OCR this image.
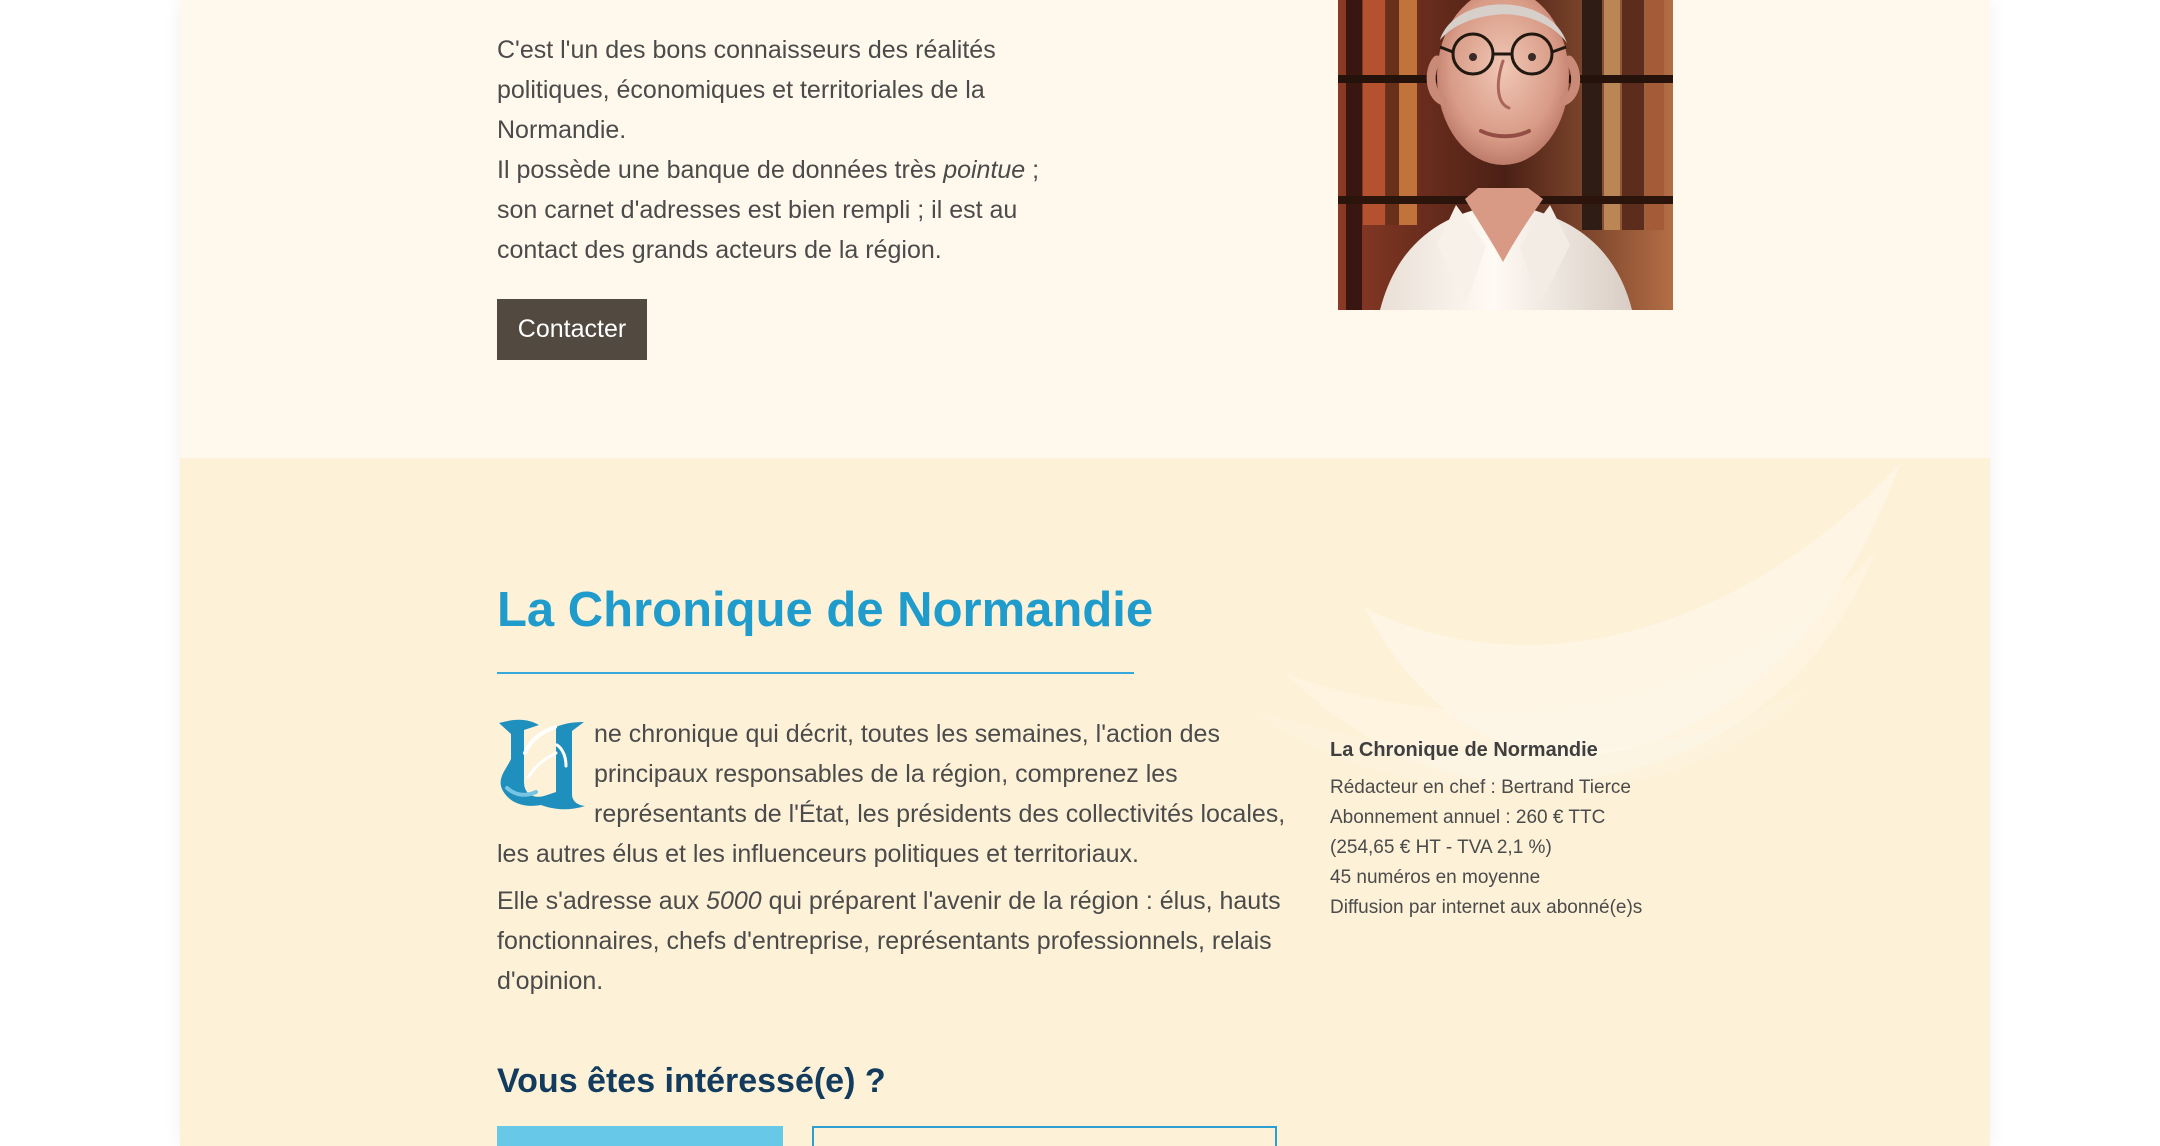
C'est l'un des bons connaisseurs des réalités politiques, économiques et territoriales de la Normandie.
Il possède une banque de données très pointue ; son carnet d'adresses est bien rempli ; il est au contact des grands acteurs de la région.

Contacter
La Chronique de Normandie

ne chronique qui décrit, toutes les semaines, l'action des
principaux responsables de la région, comprenez les
représentants de l'État, les présidents des collectivités locales,
les autres élus et les influenceurs politiques et territoriaux.

Elle s'adresse aux 5000 qui préparent l'avenir de la région : élus, hauts fonctionnaires, chefs d'entreprise, représentants professionnels, relais d'opinion.

Vous êtes intéressé(e) ?
La Chronique de Normandie
Rédacteur en chef : Bertrand Tierce
Abonnement annuel : 260 € TTC
(254,65 € HT - TVA 2,1 %)
45 numéros en moyenne
Diffusion par internet aux abonné(e)s
